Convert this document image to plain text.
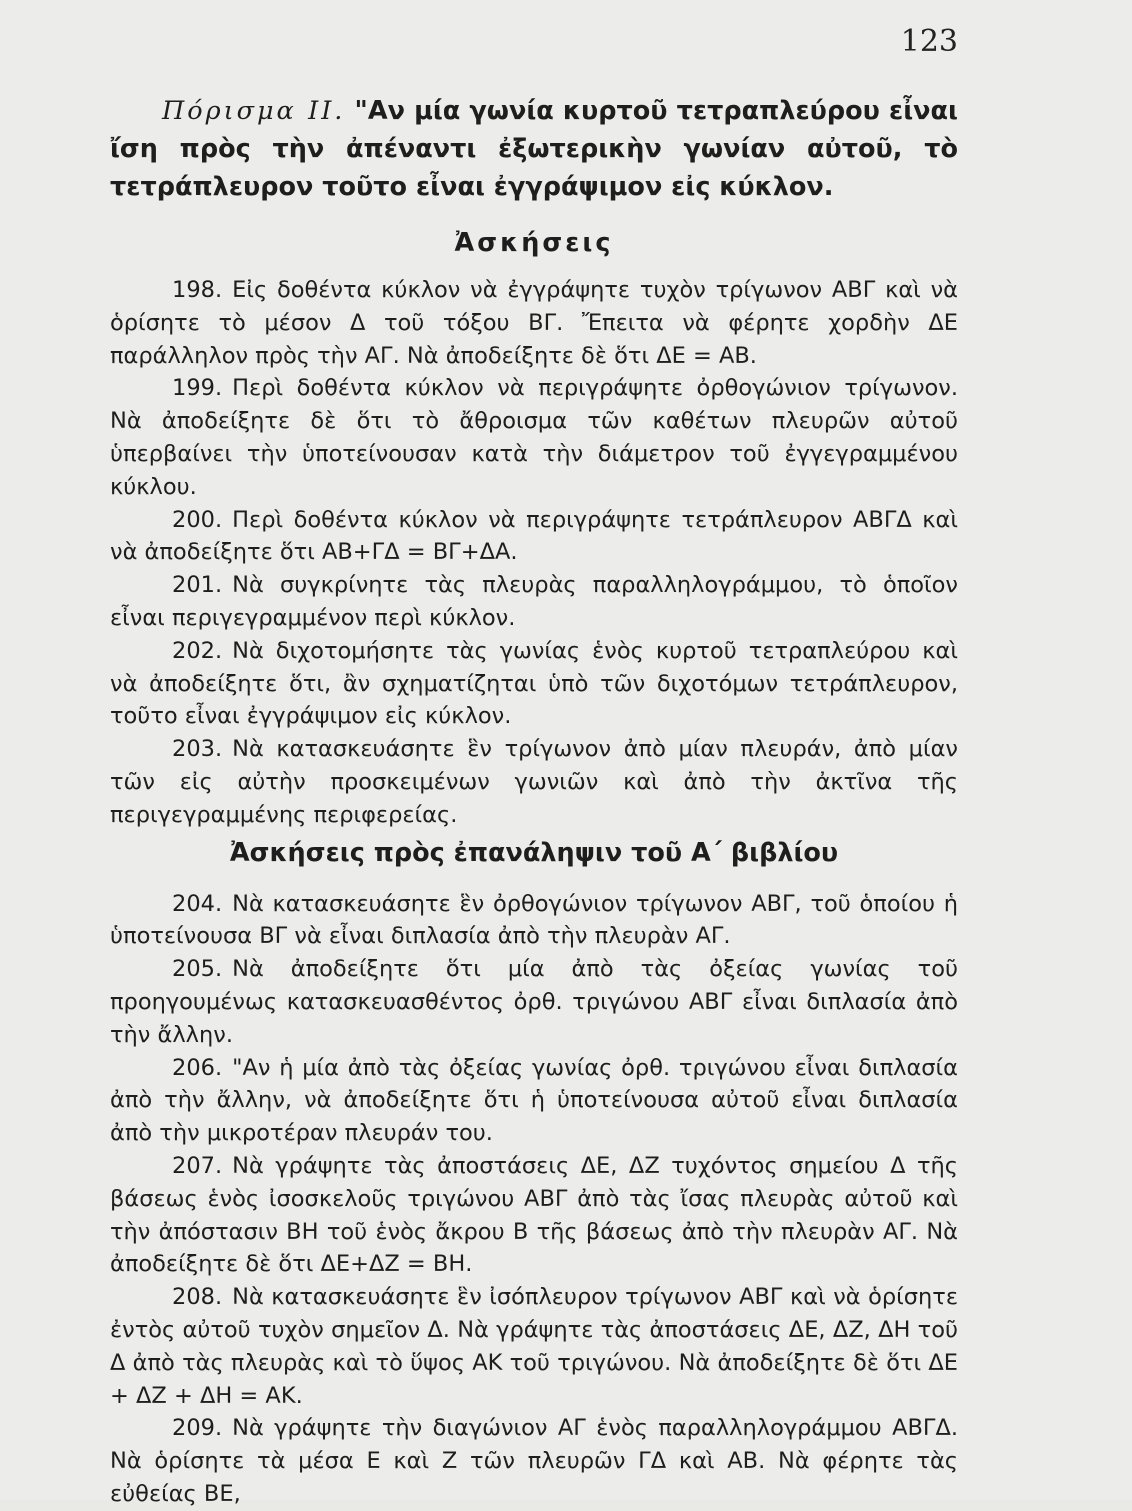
123

Πόρισμα ΙΙ. "Αν μία γωνία κυρτοῦ τετραπλεύρου εἶναι ἴση πρὸς τὴν ἀπέναντι ἐξωτερικὴν γωνίαν αὐτοῦ, τὸ τετράπλευρον τοῦτο εἶναι ἐγγράψιμον εἰς κύκλον.

Ἀσκήσεις

198. Εἰς δοθέντα κύκλον νὰ ἐγγράψητε τυχὸν τρίγωνον ΑΒΓ καὶ νὰ ὁρίσητε τὸ μέσον Δ τοῦ τόξου ΒΓ. Ἔπειτα νὰ φέρητε χορδὴν ΔΕ παράλληλον πρὸς τὴν ΑΓ. Νὰ ἀποδείξητε δὲ ὅτι ΔΕ = ΑΒ.

199. Περὶ δοθέντα κύκλον νὰ περιγράψητε ὀρθογώνιον τρίγωνον. Νὰ ἀποδείξητε δὲ ὅτι τὸ ἄθροισμα τῶν καθέτων πλευρῶν αὐτοῦ ὑπερβαίνει τὴν ὑποτείνουσαν κατὰ τὴν διάμετρον τοῦ ἐγγεγραμμένου κύκλου.

200. Περὶ δοθέντα κύκλον νὰ περιγράψητε τετράπλευρον ΑΒΓΔ καὶ νὰ ἀποδείξητε ὅτι ΑΒ+ΓΔ = ΒΓ+ΔΑ.

201. Νὰ συγκρίνητε τὰς πλευρὰς παραλληλογράμμου, τὸ ὁποῖον εἶναι περιγεγραμμένον περὶ κύκλον.

202. Νὰ διχοτομήσητε τὰς γωνίας ἑνὸς κυρτοῦ τετραπλεύρου καὶ νὰ ἀποδείξητε ὅτι, ἂν σχηματίζηται ὑπὸ τῶν διχοτόμων τετράπλευρον, τοῦτο εἶναι ἐγγράψιμον εἰς κύκλον.

203. Νὰ κατασκευάσητε ἓν τρίγωνον ἀπὸ μίαν πλευράν, ἀπὸ μίαν τῶν εἰς αὐτὴν προσκειμένων γωνιῶν καὶ ἀπὸ τὴν ἀκτῖνα τῆς περιγεγραμμένης περιφερείας.

Ἀσκήσεις πρὸς ἐπανάληψιν τοῦ Α΄ βιβλίου

204. Νὰ κατασκευάσητε ἓν ὀρθογώνιον τρίγωνον ΑΒΓ, τοῦ ὁποίου ἡ ὑποτείνουσα ΒΓ νὰ εἶναι διπλασία ἀπὸ τὴν πλευρὰν ΑΓ.

205. Νὰ ἀποδείξητε ὅτι μία ἀπὸ τὰς ὀξείας γωνίας τοῦ προηγουμένως κατασκευασθέντος ὀρθ. τριγώνου ΑΒΓ εἶναι διπλασία ἀπὸ τὴν ἄλλην.

206. "Αν ἡ μία ἀπὸ τὰς ὀξείας γωνίας ὀρθ. τριγώνου εἶναι διπλασία ἀπὸ τὴν ἄλλην, νὰ ἀποδείξητε ὅτι ἡ ὑποτείνουσα αὐτοῦ εἶναι διπλασία ἀπὸ τὴν μικροτέραν πλευράν του.

207. Νὰ γράψητε τὰς ἀποστάσεις ΔΕ, ΔΖ τυχόντος σημείου Δ τῆς βάσεως ἑνὸς ἰσοσκελοῦς τριγώνου ΑΒΓ ἀπὸ τὰς ἴσας πλευρὰς αὐτοῦ καὶ τὴν ἀπόστασιν ΒΗ τοῦ ἑνὸς ἄκρου Β τῆς βάσεως ἀπὸ τὴν πλευρὰν ΑΓ. Νὰ ἀποδείξητε δὲ ὅτι ΔΕ+ΔΖ = ΒΗ.

208. Νὰ κατασκευάσητε ἓν ἰσόπλευρον τρίγωνον ΑΒΓ καὶ νὰ ὁρίσητε ἐντὸς αὐτοῦ τυχὸν σημεῖον Δ. Νὰ γράψητε τὰς ἀποστάσεις ΔΕ, ΔΖ, ΔΗ τοῦ Δ ἀπὸ τὰς πλευρὰς καὶ τὸ ὕψος ΑΚ τοῦ τριγώνου. Νὰ ἀποδείξητε δὲ ὅτι ΔΕ + ΔΖ + ΔΗ = ΑΚ.

209. Νὰ γράψητε τὴν διαγώνιον ΑΓ ἑνὸς παραλληλογράμμου ΑΒΓΔ. Νὰ ὁρίσητε τὰ μέσα Ε καὶ Ζ τῶν πλευρῶν ΓΔ καὶ ΑΒ. Νὰ φέρητε τὰς εὐθείας ΒΕ,
